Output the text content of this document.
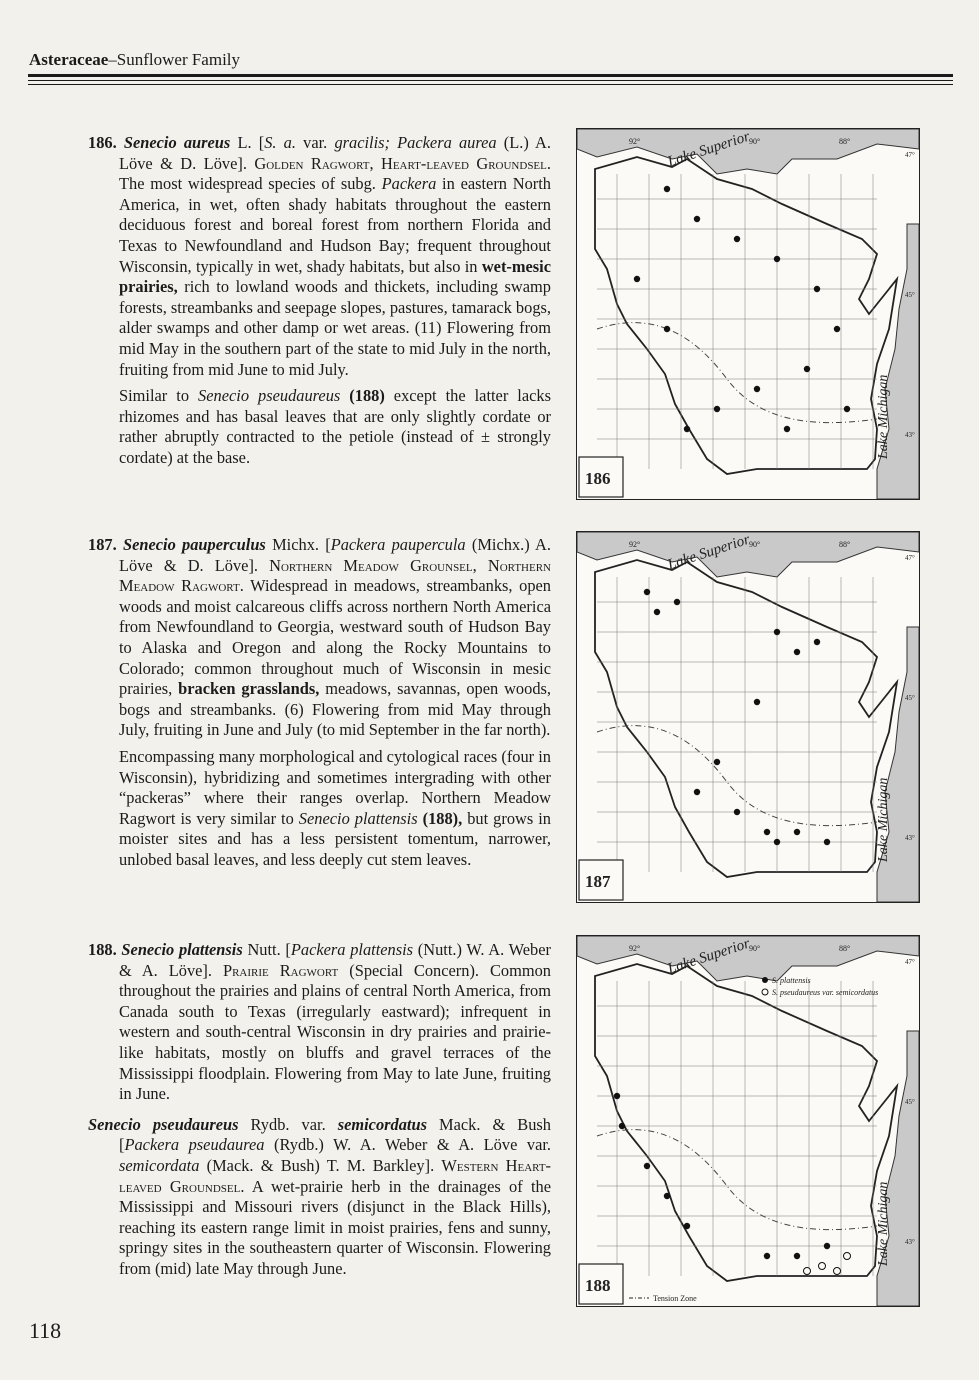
Asteraceae–Sunflower Family

186. Senecio aureus L. [S. a. var. gracilis; Packera aurea (L.) A. Löve & D. Löve]. Golden Ragwort, Heart-leaved Groundsel. The most widespread species of subg. Packera in eastern North America, in wet, often shady habitats throughout the eastern deciduous forest and boreal forest from northern Florida and Texas to Newfoundland and Hudson Bay; frequent throughout Wisconsin, typically in wet, shady habitats, but also in wet-mesic prairies, rich to lowland woods and thickets, including swamp forests, streambanks and seepage slopes, pastures, tamarack bogs, alder swamps and other damp or wet areas. (11) Flowering from mid May in the southern part of the state to mid July in the north, fruiting from mid June to mid July.

Similar to Senecio pseudaureus (188) except the latter lacks rhizomes and has basal leaves that are only slightly cordate or rather abruptly contracted to the petiole (instead of ± strongly cordate) at the base.

187. Senecio pauperculus Michx. [Packera paupercula (Michx.) A. Löve & D. Löve]. Northern Meadow Grounsel, Northern Meadow Ragwort. Widespread in meadows, streambanks, open woods and moist calcareous cliffs across northern North America from Newfoundland to Georgia, westward south of Hudson Bay to Alaska and Oregon and along the Rocky Mountains to Colorado; common throughout much of Wisconsin in mesic prairies, bracken grasslands, meadows, savannas, open woods, bogs and streambanks. (6) Flowering from mid May through July, fruiting in June and July (to mid September in the far north).

Encompassing many morphological and cytological races (four in Wisconsin), hybridizing and sometimes intergrading with other “packeras” where their ranges overlap. Northern Meadow Ragwort is very similar to Senecio plattensis (188), but grows in moister sites and has a less persistent tomentum, narrower, unlobed basal leaves, and less deeply cut stem leaves.

188. Senecio plattensis Nutt. [Packera plattensis (Nutt.) W. A. Weber & A. Löve]. Prairie Ragwort (Special Concern). Common throughout the prairies and plains of central North America, from Canada south to Texas (irregularly eastward); infrequent in western and south-central Wisconsin in dry prairies and prairie-like habitats, mostly on bluffs and gravel terraces of the Mississippi floodplain. Flowering from May to late June, fruiting in June.

Senecio pseudaureus Rydb. var. semicordatus Mack. & Bush [Packera pseudaurea (Rydb.) W. A. Weber & A. Löve var. semicordata (Mack. & Bush) T. M. Barkley]. Western Heart-leaved Groundsel. A wet-prairie herb in the drainages of the Mississippi and Missouri rivers (disjunct in the Black Hills), reaching its eastern range limit in moist prairies, fens and sunny, springy sites in the southeastern quarter of Wisconsin. Flowering from (mid) late May through June.

92°	90°	88°
47°
45°
43°
Lake Superior
Lake Michigan
186
92°	90°	88°
47°
45°
43°
Lake Superior
Lake Michigan
187
92°	90°	88°
47°
45°
43°
Lake Superior
Lake Michigan
188
S. plattensis
S. pseudaureus var. semicordatus
Tension Zone
118
